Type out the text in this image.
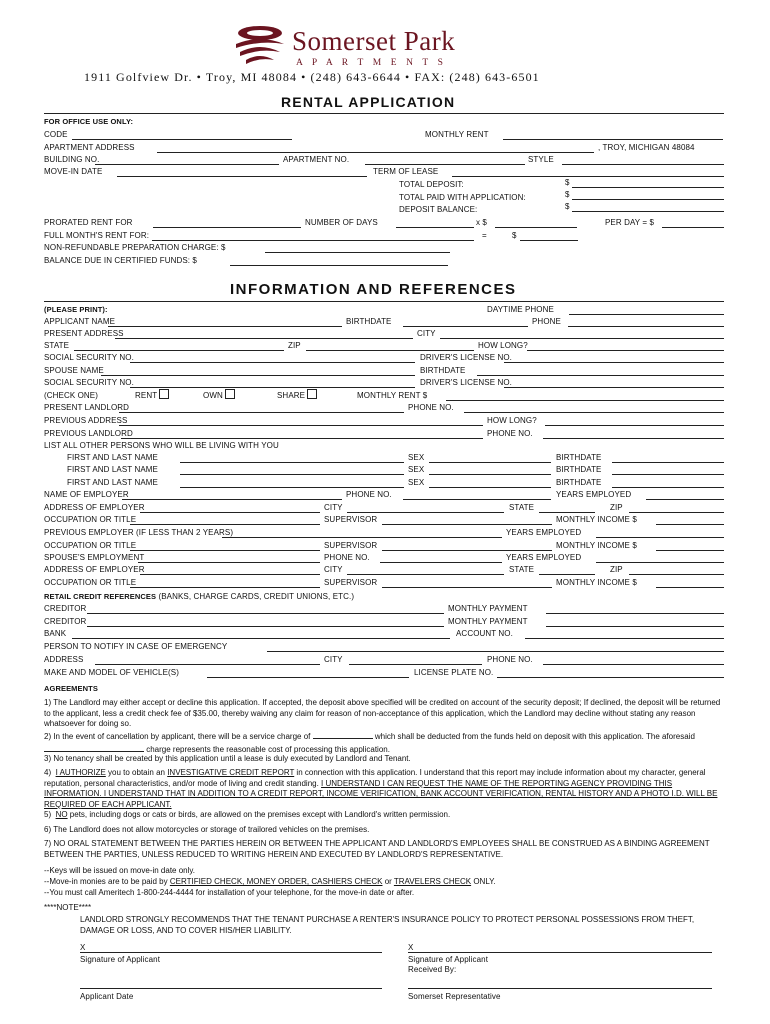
Somerset Park
A P A R T M E N T S
1911 Golfview Dr. • Troy, MI 48084 • (248) 643-6644 • FAX: (248) 643-6501
RENTAL APPLICATION
FOR OFFICE USE ONLY:
CODE	MONTHLY RENT
APARTMENT ADDRESS	, TROY, MICHIGAN 48084
BUILDING NO.	APARTMENT NO.	STYLE
MOVE-IN DATE	TERM OF LEASE
TOTAL DEPOSIT:	$
TOTAL PAID WITH APPLICATION:	$
DEPOSIT BALANCE:	$
PRORATED RENT FOR	NUMBER OF DAYS	x $	PER DAY = $
FULL MONTH'S RENT FOR:	=	$
NON-REFUNDABLE PREPARATION CHARGE: $
BALANCE DUE IN CERTIFIED FUNDS: $
INFORMATION AND REFERENCES
(PLEASE PRINT):	DAYTIME PHONE
APPLICANT NAME	BIRTHDATE	PHONE
PRESENT ADDRESS	CITY
STATE	ZIP	HOW LONG?
SOCIAL SECURITY NO.	DRIVER'S LICENSE NO.
SPOUSE NAME	BIRTHDATE
SOCIAL SECURITY NO.	DRIVER'S LICENSE NO.
(CHECK ONE)	RENT	OWN	SHARE	MONTHLY RENT $
PRESENT LANDLORD	PHONE NO.
PREVIOUS ADDRESS	HOW LONG?
PREVIOUS LANDLORD	PHONE NO.
LIST ALL OTHER PERSONS WHO WILL BE LIVING WITH YOU
FIRST AND LAST NAME	SEX	BIRTHDATE
FIRST AND LAST NAME	SEX	BIRTHDATE
FIRST AND LAST NAME	SEX	BIRTHDATE
NAME OF EMPLOYER	PHONE NO.	YEARS EMPLOYED
ADDRESS OF EMPLOYER	CITY	STATE	ZIP
OCCUPATION OR TITLE	SUPERVISOR	MONTHLY INCOME $
PREVIOUS EMPLOYER (IF LESS THAN 2 YEARS)	YEARS EMPLOYED
OCCUPATION OR TITLE	SUPERVISOR	MONTHLY INCOME $
SPOUSE'S EMPLOYMENT	PHONE NO.	YEARS EMPLOYED
ADDRESS OF EMPLOYER	CITY	STATE	ZIP
OCCUPATION OR TITLE	SUPERVISOR	MONTHLY INCOME $
RETAIL CREDIT REFERENCES (BANKS, CHARGE CARDS, CREDIT UNIONS, ETC.)
CREDITOR	MONTHLY PAYMENT
CREDITOR	MONTHLY PAYMENT
BANK	ACCOUNT NO.
PERSON TO NOTIFY IN CASE OF EMERGENCY
ADDRESS	CITY	PHONE NO.
MAKE AND MODEL OF VEHICLE(S)	LICENSE PLATE NO.
AGREEMENTS
1) The Landlord may either accept or decline this application. If accepted, the deposit above specified will be credited on account of the security deposit; If declined, the deposit will be returned to the applicant, less a credit check fee of $35.00, thereby waiving any claim for reason of non-acceptance of this application, which the Landlord may decline without stating any reason whatsoever for doing so.
2) In the event of cancellation by applicant, there will be a service charge of	which shall be deducted from the funds held on deposit with this application. The aforesaid  charge represents the reasonable cost of processing this application.
3) No tenancy shall be created by this application until a lease is duly executed by Landlord and Tenant.
4) I AUTHORIZE you to obtain an INVESTIGATIVE CREDIT REPORT in connection with this application. I understand that this report may include information about my character, general reputation, personal characteristics, and/or mode of living and credit standing. I UNDERSTAND I CAN REQUEST THE NAME OF THE REPORTING AGENCY PROVIDING THIS INFORMATION. I UNDERSTAND THAT IN ADDITION TO A CREDIT REPORT, INCOME VERIFICATION, BANK ACCOUNT VERIFICATION, RENTAL HISTORY AND A PHOTO I.D. WILL BE REQUIRED OF EACH APPLICANT.
5) NO pets, including dogs or cats or birds, are allowed on the premises except with Landlord's written permission.
6) The Landlord does not allow motorcycles or storage of trailored vehicles on the premises.
7) NO ORAL STATEMENT BETWEEN THE PARTIES HEREIN OR BETWEEN THE APPLICANT AND LANDLORD'S EMPLOYEES SHALL BE CONSTRUED AS A BINDING AGREEMENT BETWEEN THE PARTIES, UNLESS REDUCED TO WRITING HEREIN AND EXECUTED BY LANDLORD'S REPRESENTATIVE.
--Keys will be issued on move-in date only.
--Move-in monies are to be paid by CERTIFIED CHECK, MONEY ORDER, CASHIERS CHECK or TRAVELERS CHECK ONLY.
--You must call Ameritech 1-800-244-4444 for installation of your telephone, for the move-in date or after.
****NOTE****
LANDLORD STRONGLY RECOMMENDS THAT THE TENANT PURCHASE A RENTER'S INSURANCE POLICY TO PROTECT PERSONAL POSSESSIONS FROM THEFT, DAMAGE OR LOSS, AND TO COVER HIS/HER LIABILITY.
X
Signature of Applicant
X
Signature of Applicant
Received By:
Applicant Date	Somerset Representative
